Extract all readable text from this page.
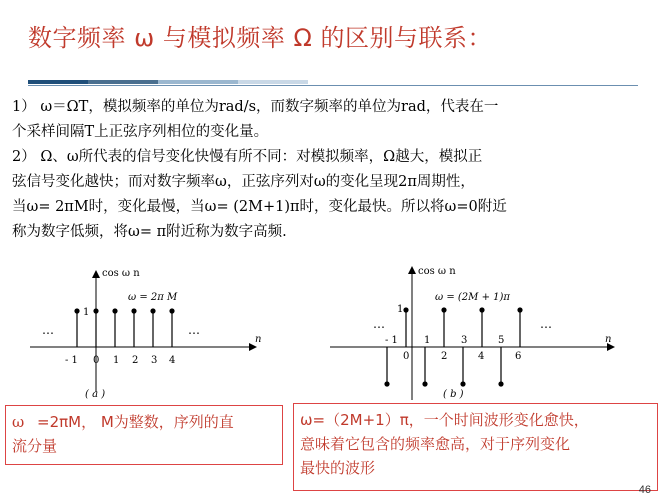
数字频率 ω 与模拟频率 Ω 的区别与联系：
1） ω＝ΩT，模拟频率的单位为rad/s，而数字频率的单位为rad，代表在一
个采样间隔T上正弦序列相位的变化量。
2） Ω、ω所代表的信号变化快慢有所不同：对模拟频率，Ω越大，模拟正
弦信号变化越快；而对数字频率ω，正弦序列对ω的变化呈现2π周期性，
当ω= 2πM时，变化最慢，当ω= (2M+1)π时，变化最快。所以将ω=0附近
称为数字低频，将ω= π附近称为数字高频.
cos ω n
n
ω = 2π M
1
…	…
- 1 0 1 2 3 4
( a )
cos ω n
n
ω = (2M + 1)π
1
- 1
…	…
1	3	5
0	2	4	6
( b )
ω =2πM， M为整数，序列的直
流分量
ω=（2M+1）π，一个时间波形变化愈快，
意味着它包含的频率愈高，对于序列变化
最快的波形
46
